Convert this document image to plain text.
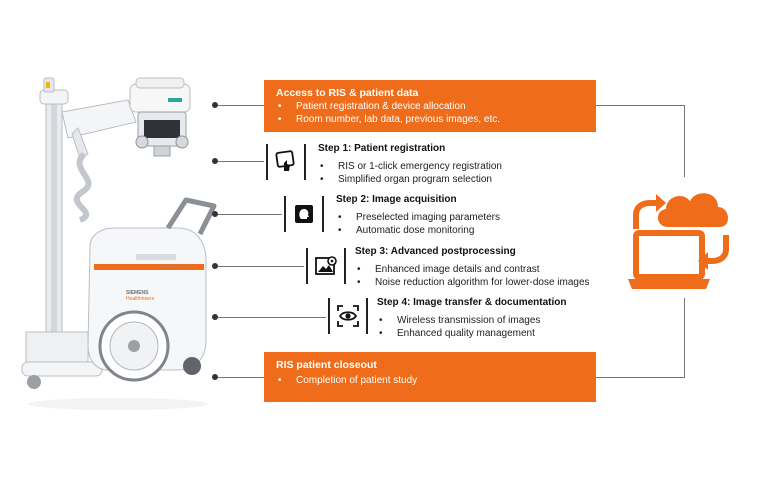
SIEMENS
Healthineers
MOBILETT Mira
Access to RIS & patient data
• Patient registration & device allocation
• Room number, lab data, previous images, etc.
Step 1: Patient registration
• RIS or 1-click emergency registration
• Simplified organ program selection
Step 2: Image acquisition
• Preselected imaging parameters
• Automatic dose monitoring
Step 3: Advanced postprocessing
• Enhanced image details and contrast
• Noise reduction algorithm for lower-dose images
Step 4: Image transfer & documentation
• Wireless transmission of images
• Enhanced quality management
RIS patient closeout
• Completion of patient study
